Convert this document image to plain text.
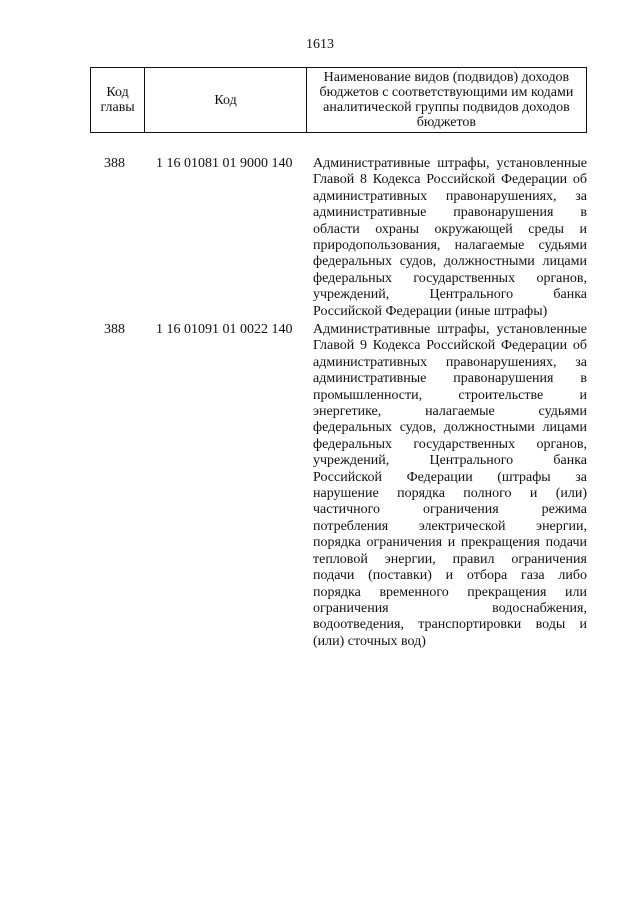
1613
Код главы	Код	Наименование видов (подвидов) доходов бюджетов с соответствующими им кодами аналитической группы подвидов доходов бюджетов
388	1 16 01081 01 9000 140	Административные штрафы, установленные
Главой 8 Кодекса Российской Федерации об
административных правонарушениях, за
административные правонарушения в
области охраны окружающей среды и
природопользования, налагаемые судьями
федеральных судов, должностными лицами
федеральных государственных органов,
учреждений, Центрального банка
Российской Федерации (иные штрафы)
388	1 16 01091 01 0022 140	Административные штрафы, установленные
Главой 9 Кодекса Российской Федерации об
административных правонарушениях, за
административные правонарушения в
промышленности, строительстве и
энергетике, налагаемые судьями
федеральных судов, должностными лицами
федеральных государственных органов,
учреждений, Центрального банка
Российской Федерации (штрафы за
нарушение порядка полного и (или)
частичного ограничения режима
потребления электрической энергии,
порядка ограничения и прекращения подачи
тепловой энергии, правил ограничения
подачи (поставки) и отбора газа либо
порядка временного прекращения или
ограничения водоснабжения,
водоотведения, транспортировки воды и
(или) сточных вод)
